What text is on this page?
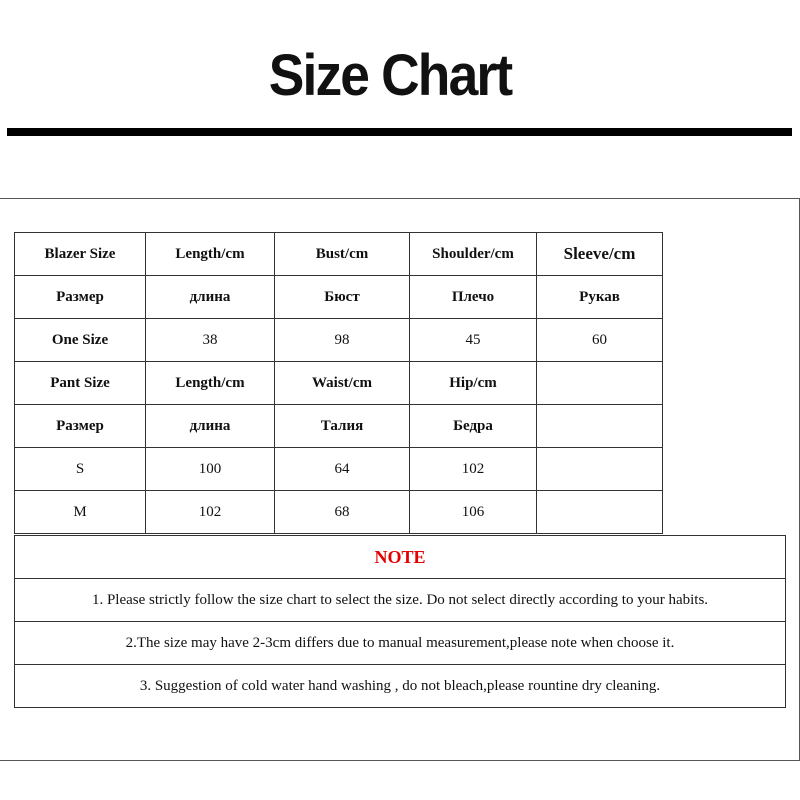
Size Chart
Blazer Size	Length/cm	Bust/cm	Shoulder/cm	Sleeve/cm
Размер	длина	Бюст	Плечо	Рукав
One Size	38	98	45	60
Pant Size	Length/cm	Waist/cm	Hip/cm	
Размер	длина	Талия	Бедра	
S	100	64	102	
M	102	68	106	
NOTE
1. Please strictly follow the size chart to select the size. Do not select directly according to your habits.
2.The size may have 2-3cm differs due to manual measurement,please note when choose it.
3. Suggestion of cold water hand washing , do not bleach,please rountine dry cleaning.
